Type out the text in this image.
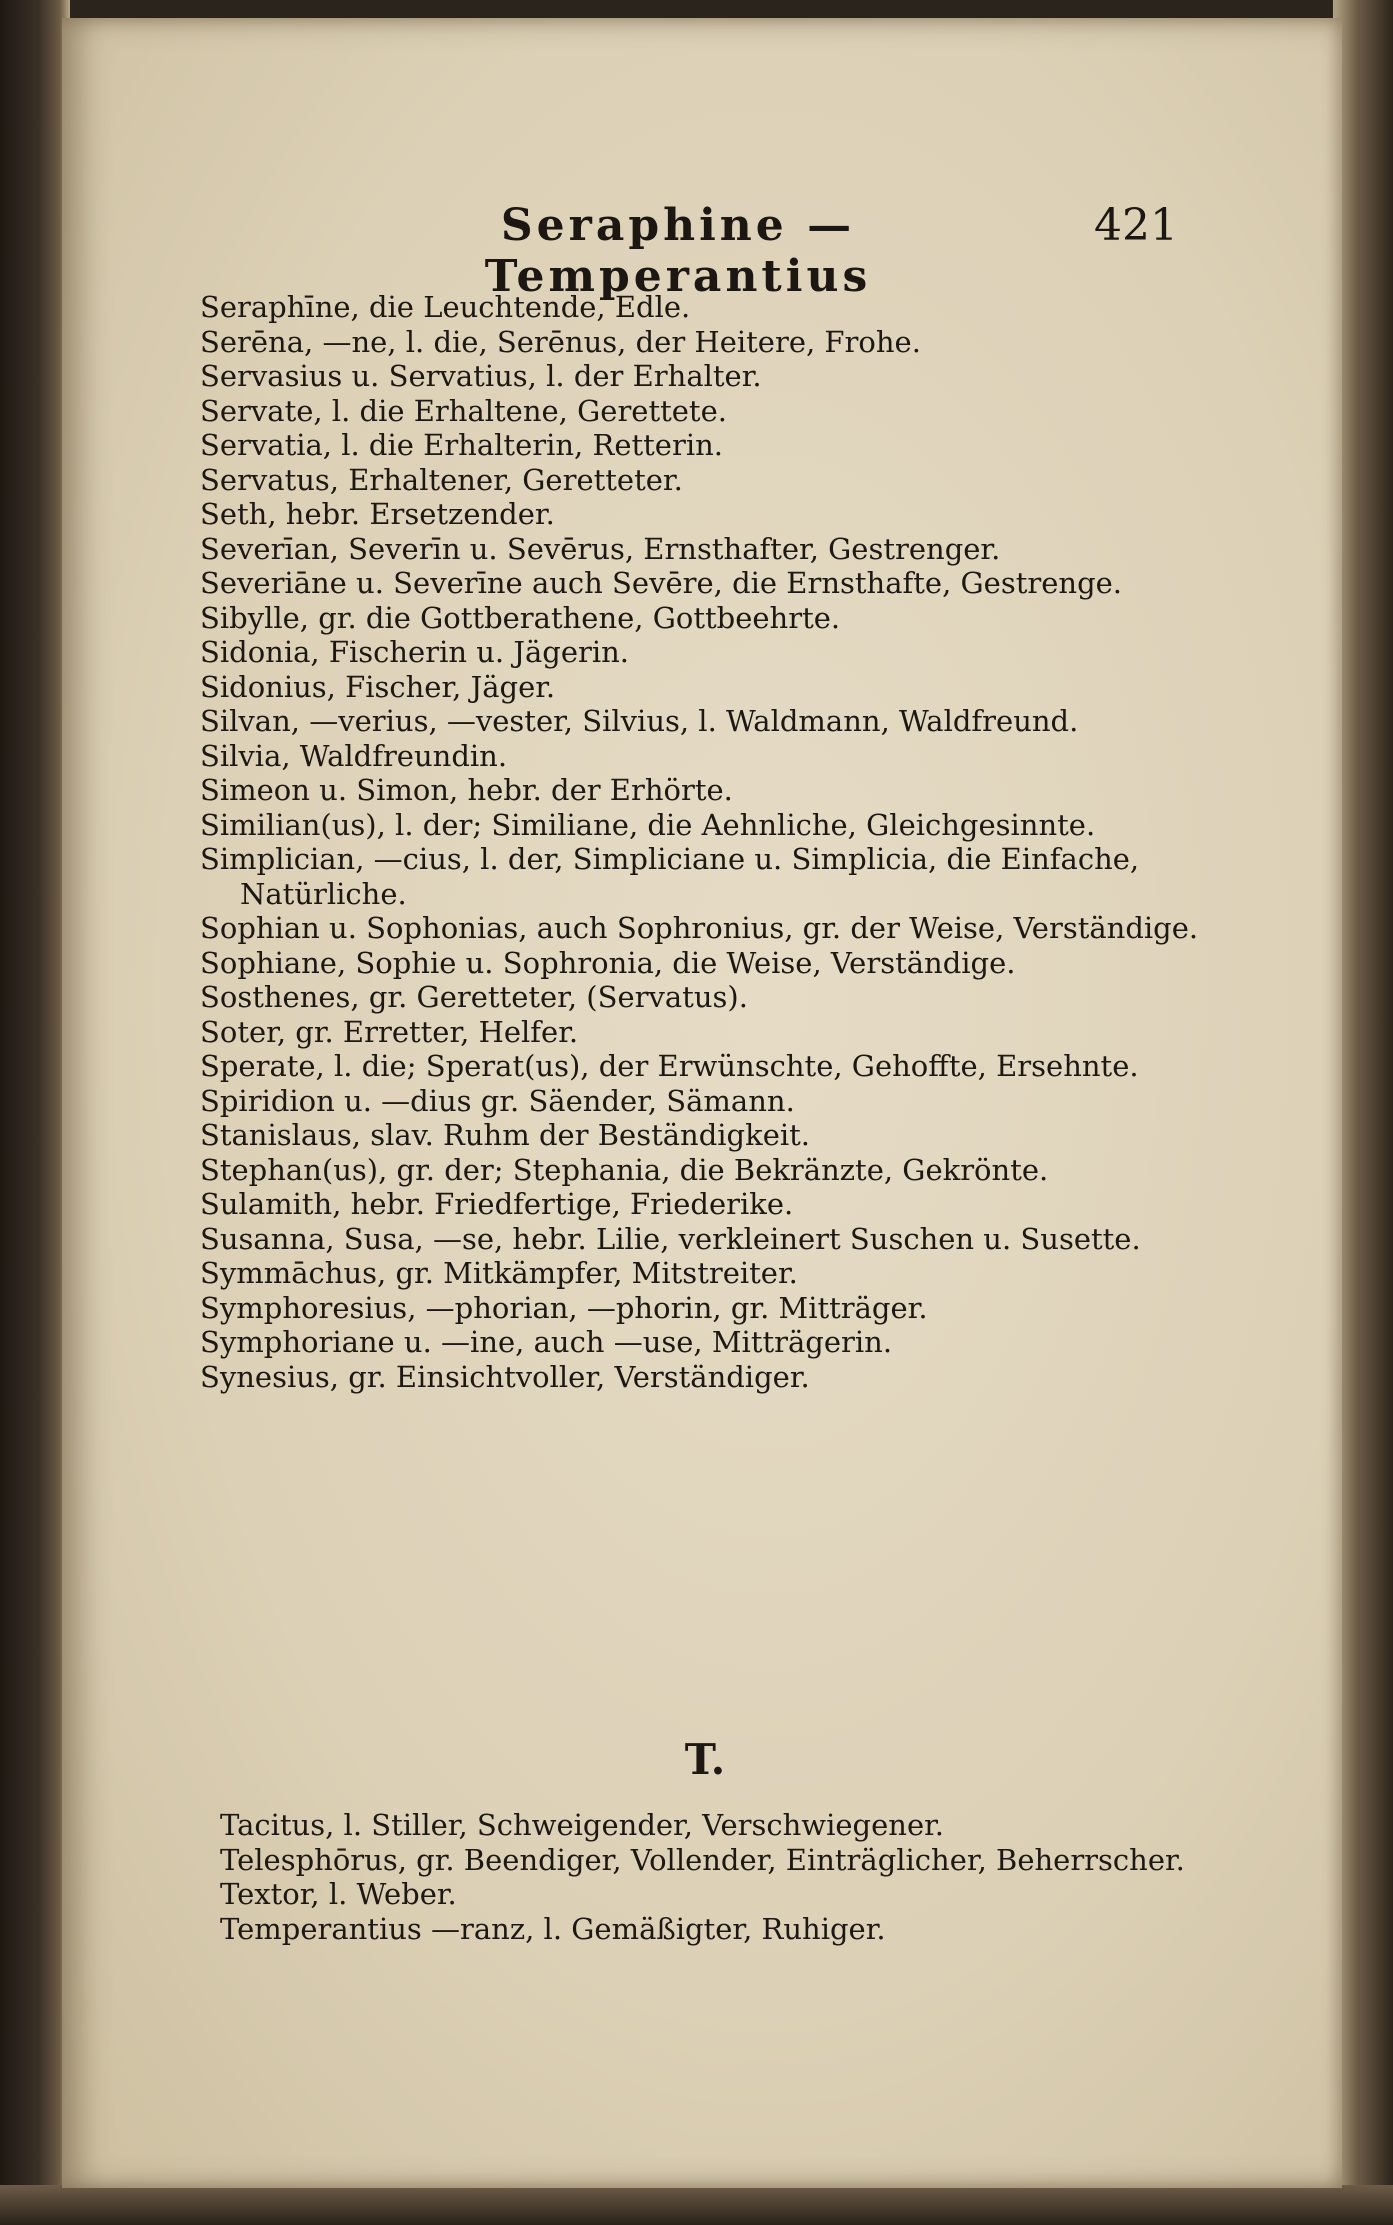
Seraphine — Temperantius
421

Seraphīne, die Leuchtende, Edle.

Serēna, —ne, l. die, Serēnus, der Heitere, Frohe.

Servasius u. Servatius, l. der Erhalter.

Servate, l. die Erhaltene, Gerettete.

Servatia, l. die Erhalterin, Retterin.

Servatus, Erhaltener, Geretteter.

Seth, hebr. Ersetzender.

Severīan, Severīn u. Sevērus, Ernsthafter, Gestrenger.

Severiāne u. Severīne auch Sevēre, die Ernsthafte, Gestrenge.

Sibylle, gr. die Gottberathene, Gottbeehrte.

Sidonia, Fischerin u. Jägerin.

Sidonius, Fischer, Jäger.

Silvan, —verius, —vester, Silvius, l. Waldmann, Waldfreund.

Silvia, Waldfreundin.

Simeon u. Simon, hebr. der Erhörte.

Similian(us), l. der; Similiane, die Aehnliche, Gleichgesinnte.

Simplician, —cius, l. der, Simpliciane u. Simplicia, die Einfache, Natürliche.

Sophian u. Sophonias, auch Sophronius, gr. der Weise, Verständige.

Sophiane, Sophie u. Sophronia, die Weise, Verständige.

Sosthenes, gr. Geretteter, (Servatus).

Soter, gr. Erretter, Helfer.

Sperate, l. die; Sperat(us), der Erwünschte, Gehoffte, Ersehnte.

Spiridion u. —dius gr. Säender, Sämann.

Stanislaus, slav. Ruhm der Beständigkeit.

Stephan(us), gr. der; Stephania, die Bekränzte, Gekrönte.

Sulamith, hebr. Friedfertige, Friederike.

Susanna, Susa, —se, hebr. Lilie, verkleinert Suschen u. Susette.

Symmāchus, gr. Mitkämpfer, Mitstreiter.

Symphoresius, —phorian, —phorin, gr. Mitträger.

Symphoriane u. —ine, auch —use, Mitträgerin.

Synesius, gr. Einsichtvoller, Verständiger.

T.

Tacitus, l. Stiller, Schweigender, Verschwiegener.

Telesphōrus, gr. Beendiger, Vollender, Einträglicher, Beherrscher.

Textor, l. Weber.

Temperantius —ranz, l. Gemäßigter, Ruhiger.
